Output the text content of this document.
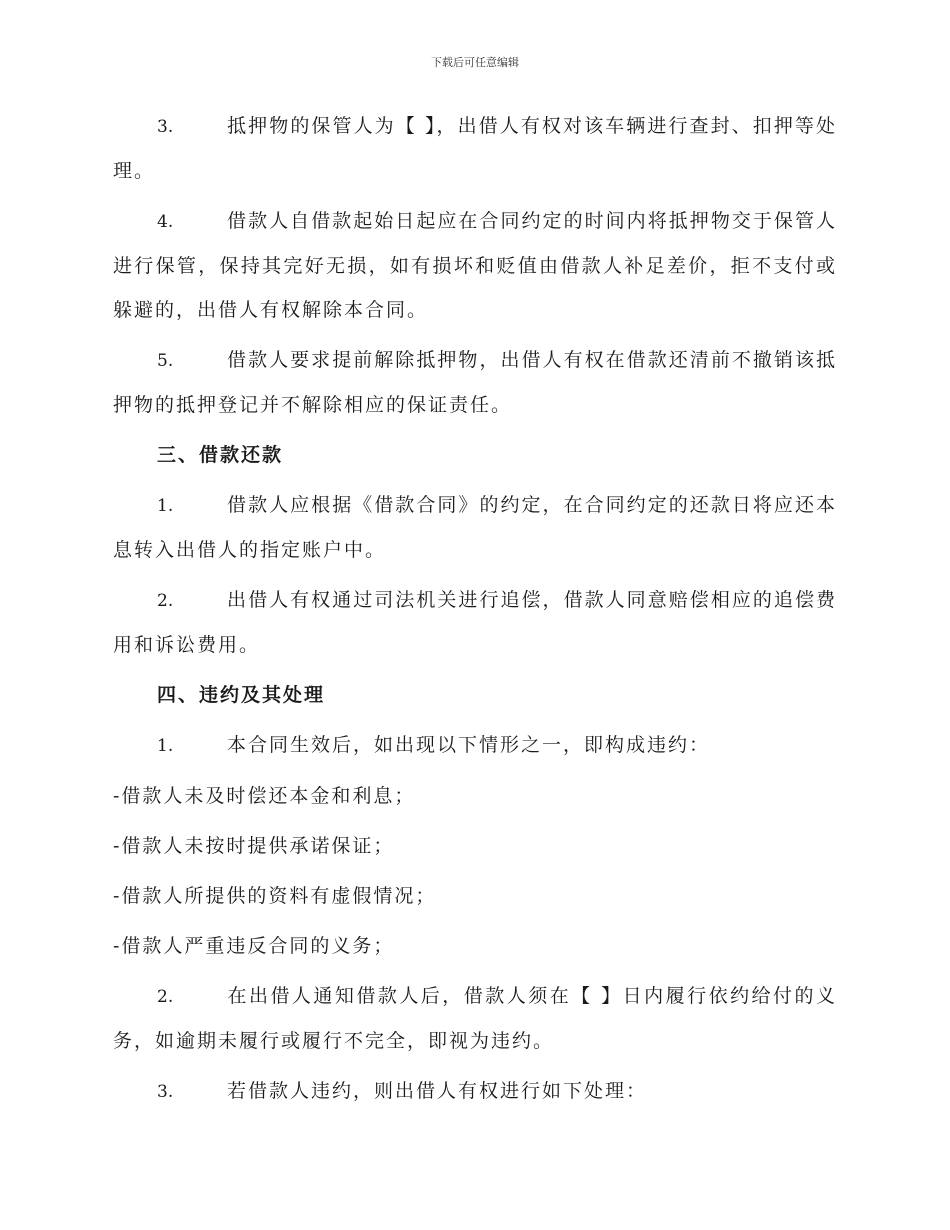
下载后可任意编辑

3.	抵押物的保管人为【 】，出借人有权对该车辆进行查封、扣押等处理。

4.	借款人自借款起始日起应在合同约定的时间内将抵押物交于保管人进行保管，保持其完好无损，如有损坏和贬值由借款人补足差价，拒不支付或躲避的，出借人有权解除本合同。

5.	借款人要求提前解除抵押物，出借人有权在借款还清前不撤销该抵押物的抵押登记并不解除相应的保证责任。

三、借款还款

1.	借款人应根据《借款合同》的约定，在合同约定的还款日将应还本息转入出借人的指定账户中。

2.	出借人有权通过司法机关进行追偿，借款人同意赔偿相应的追偿费用和诉讼费用。

四、违约及其处理

1.	本合同生效后，如出现以下情形之一，即构成违约：

-借款人未及时偿还本金和利息；

-借款人未按时提供承诺保证；

-借款人所提供的资料有虚假情况；

-借款人严重违反合同的义务；

2.	在出借人通知借款人后，借款人须在【 】日内履行依约给付的义务，如逾期未履行或履行不完全，即视为违约。

3.	若借款人违约，则出借人有权进行如下处理：
